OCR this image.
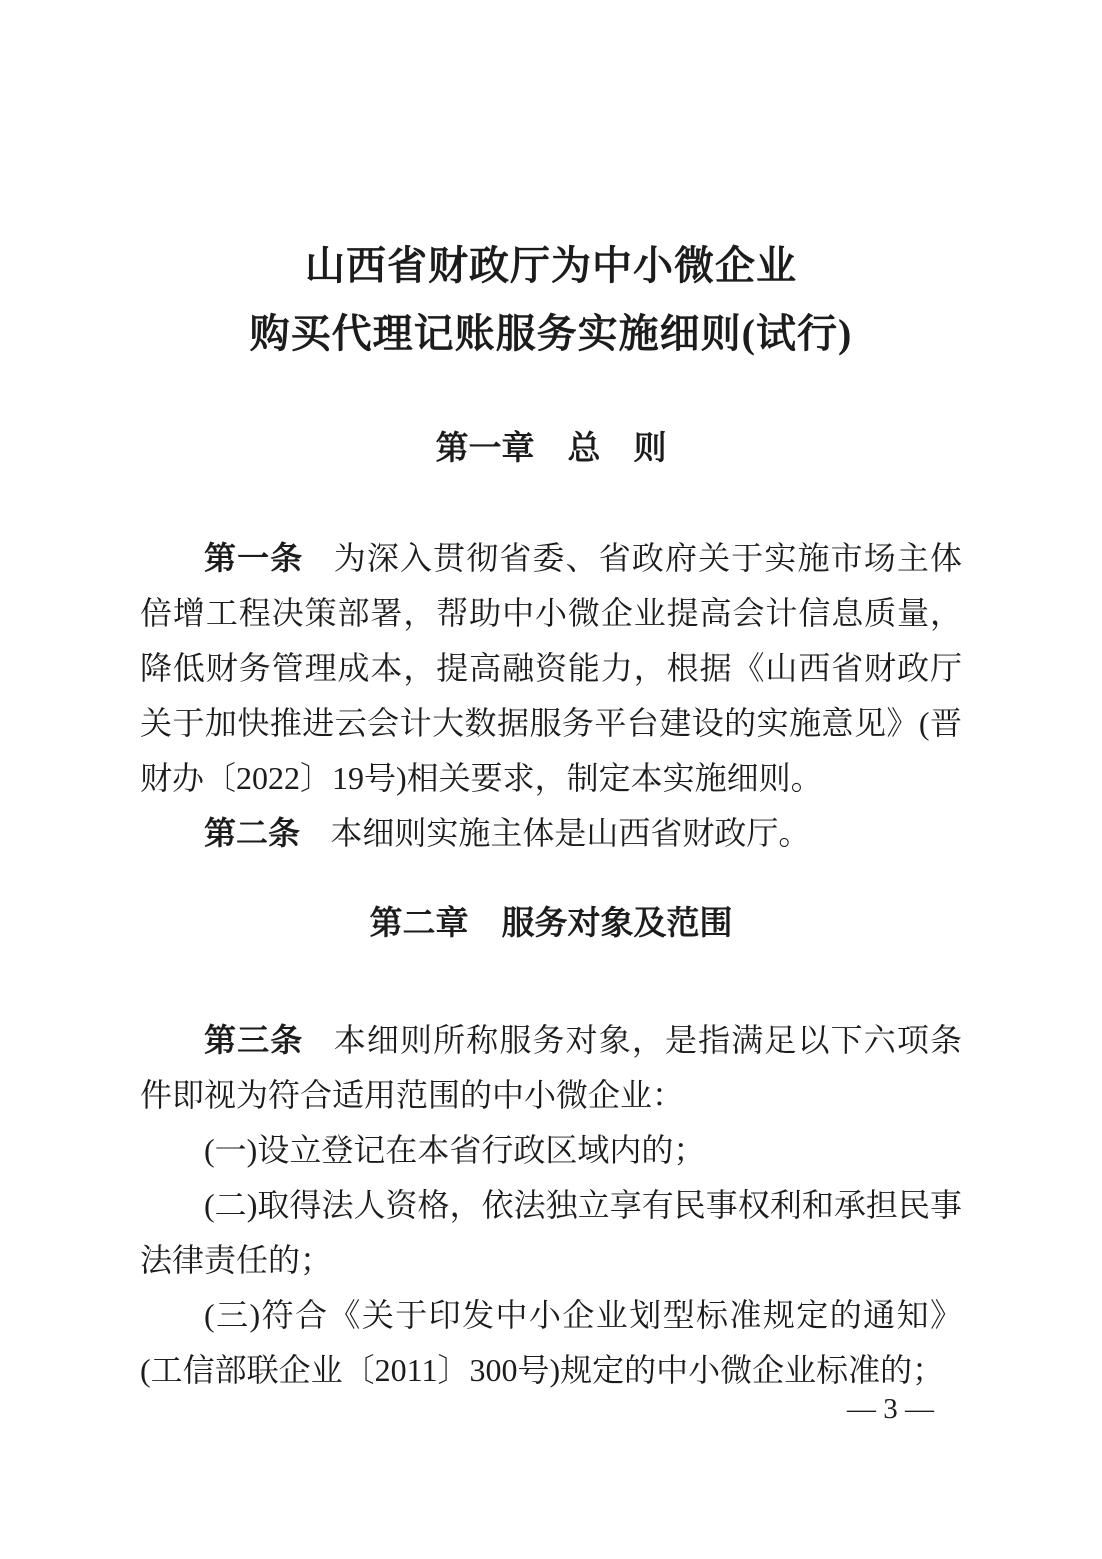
山西省财政厅为中小微企业
购买代理记账服务实施细则(试行)
第一章　总　则

第一条 为深入贯彻省委、省政府关于实施市场主体倍增工程决策部署，帮助中小微企业提高会计信息质量，降低财务管理成本，提高融资能力，根据《山西省财政厅关于加快推进云会计大数据服务平台建设的实施意见》(晋财办〔2022〕19号)相关要求，制定本实施细则。

第二条 本细则实施主体是山西省财政厅。

第二章　服务对象及范围

第三条 本细则所称服务对象，是指满足以下六项条件即视为符合适用范围的中小微企业：

(一)设立登记在本省行政区域内的；

(二)取得法人资格，依法独立享有民事权利和承担民事法律责任的；

(三)符合《关于印发中小企业划型标准规定的通知》(工信部联企业〔2011〕300号)规定的中小微企业标准的；

— 3 —
